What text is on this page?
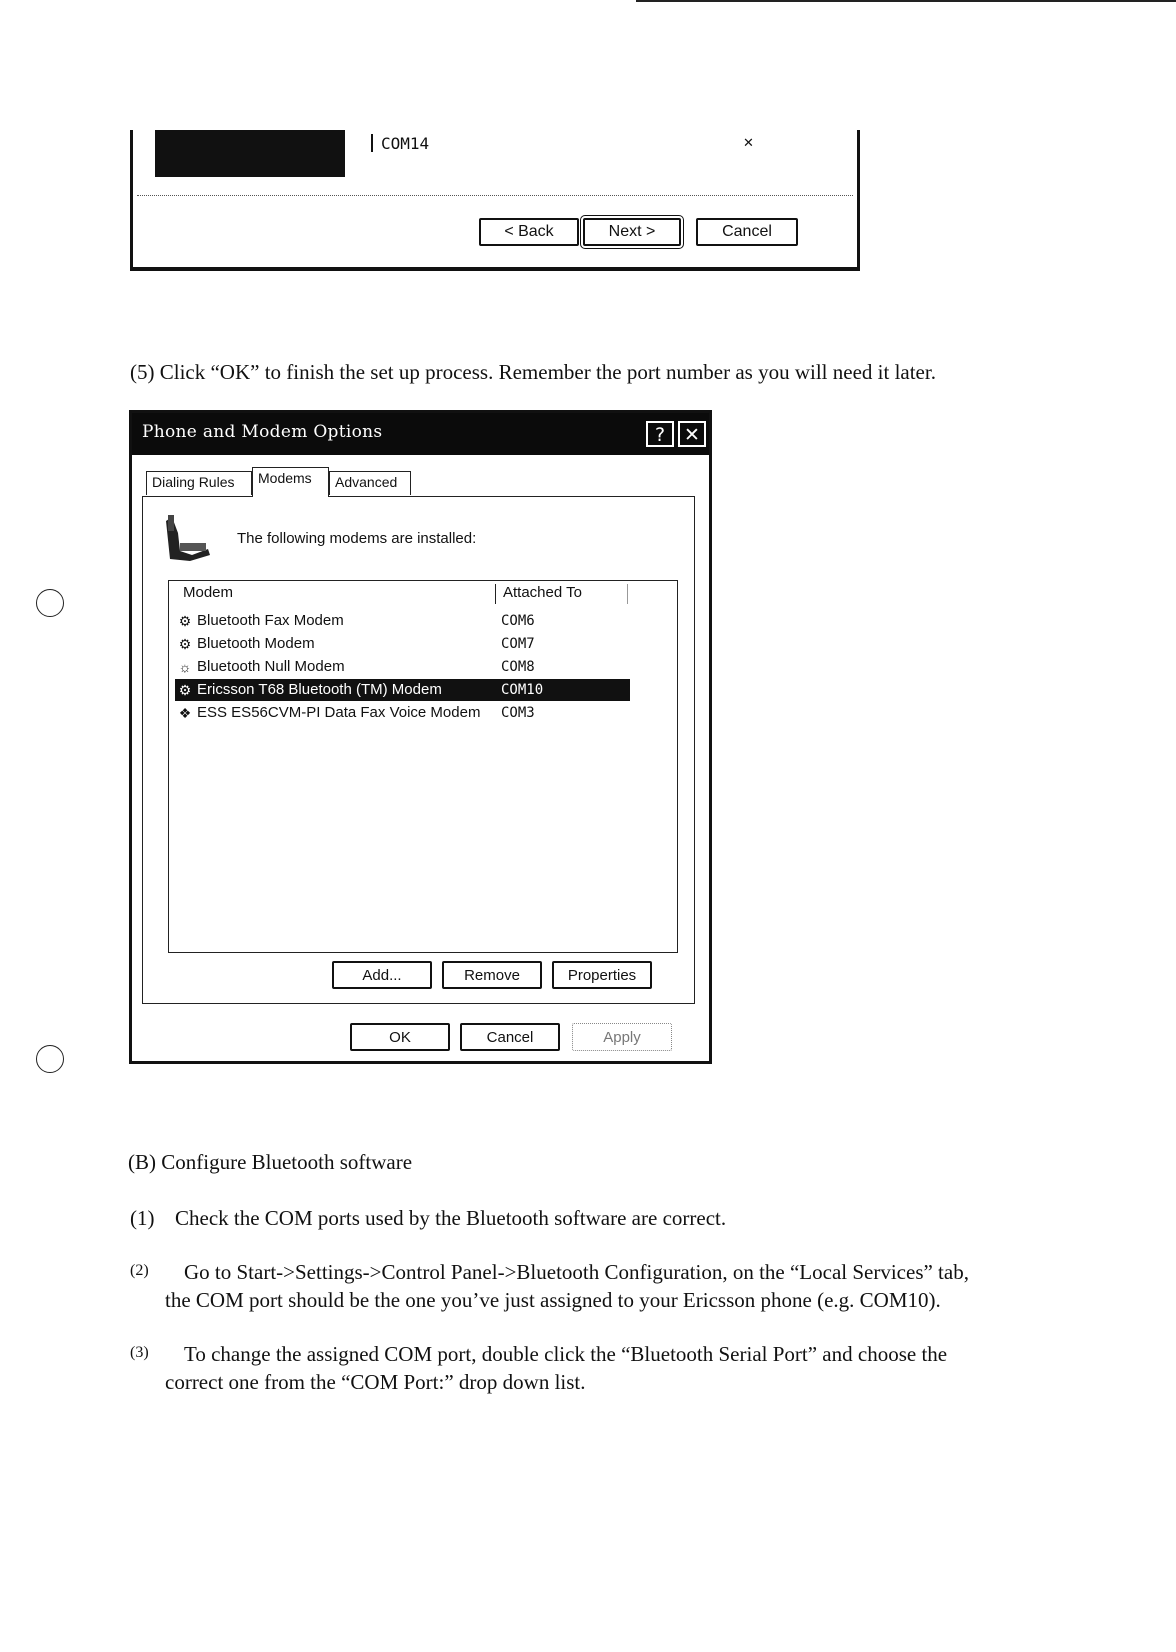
COM14	✕
< Back	Next >	Cancel
(5) Click “OK” to finish the set up process. Remember the port number as you will need it later.
Phone and Modem Options	? ✕
Dialing Rules	Modems	Advanced
The following modems are installed:
Modem	Attached To
⚙ Bluetooth Fax Modem	COM6
⚙ Bluetooth Modem	COM7
☼ Bluetooth Null Modem	COM8
⚙ Ericsson T68 Bluetooth (TM) Modem	COM10
❖ ESS ES56CVM-PI Data Fax Voice Modem COM3
Add...	Remove	Properties
OK	Cancel	Apply
(B) Configure Bluetooth software
(1) Check the COM ports used by the Bluetooth software are correct.
(2) Go to Start->Settings->Control Panel->Bluetooth Configuration, on the “Local Services” tab,
the COM port should be the one you’ve just assigned to your Ericsson phone (e.g. COM10).
(3) To change the assigned COM port, double click the “Bluetooth Serial Port” and choose the
correct one from the “COM Port:” drop down list.
